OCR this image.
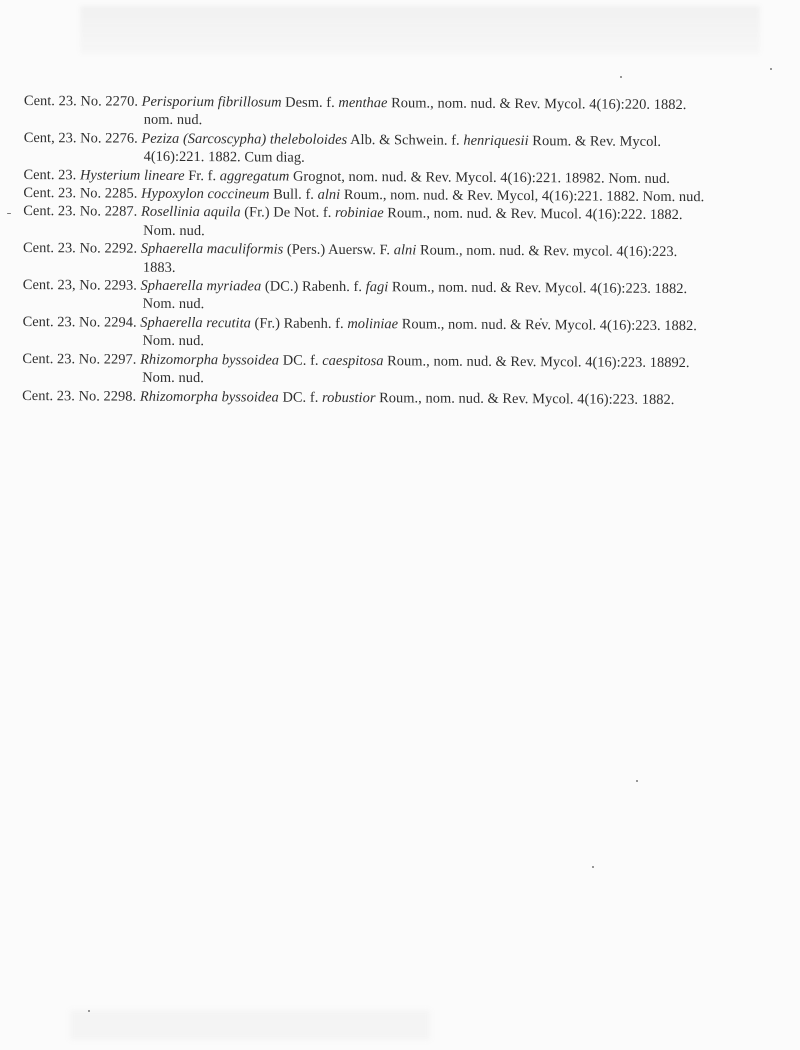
Cent. 23. No. 2270. Perisporium fibrillosum Desm. f. menthae Roum., nom. nud. & Rev. Mycol. 4(16):220. 1882. nom. nud.

Cent, 23. No. 2276. Peziza (Sarcoscypha) theleboloides Alb. & Schwein. f. henriquesii Roum. & Rev. Mycol. 4(16):221. 1882. Cum diag.

Cent. 23. Hysterium lineare Fr. f. aggregatum Grognot, nom. nud. & Rev. Mycol. 4(16):221. 18982. Nom. nud.

Cent. 23. No. 2285. Hypoxylon coccineum Bull. f. alni Roum., nom. nud. & Rev. Mycol, 4(16):221. 1882. Nom. nud.

Cent. 23. No. 2287. Rosellinia aquila (Fr.) De Not. f. robiniae Roum., nom. nud. & Rev. Mucol. 4(16):222. 1882. Nom. nud.

Cent. 23. No. 2292. Sphaerella maculiformis (Pers.) Auersw. F. alni Roum., nom. nud. & Rev. mycol. 4(16):223. 1883.

Cent. 23, No. 2293. Sphaerella myriadea (DC.) Rabenh. f. fagi Roum., nom. nud. & Rev. Mycol. 4(16):223. 1882. Nom. nud.

Cent. 23. No. 2294. Sphaerella recutita (Fr.) Rabenh. f. moliniae Roum., nom. nud. & Rev. Mycol. 4(16):223. 1882. Nom. nud.

Cent. 23. No. 2297. Rhizomorpha byssoidea DC. f. caespitosa Roum., nom. nud. & Rev. Mycol. 4(16):223. 18892. Nom. nud.

Cent. 23. No. 2298. Rhizomorpha byssoidea DC. f. robustior Roum., nom. nud. & Rev. Mycol. 4(16):223. 1882.
